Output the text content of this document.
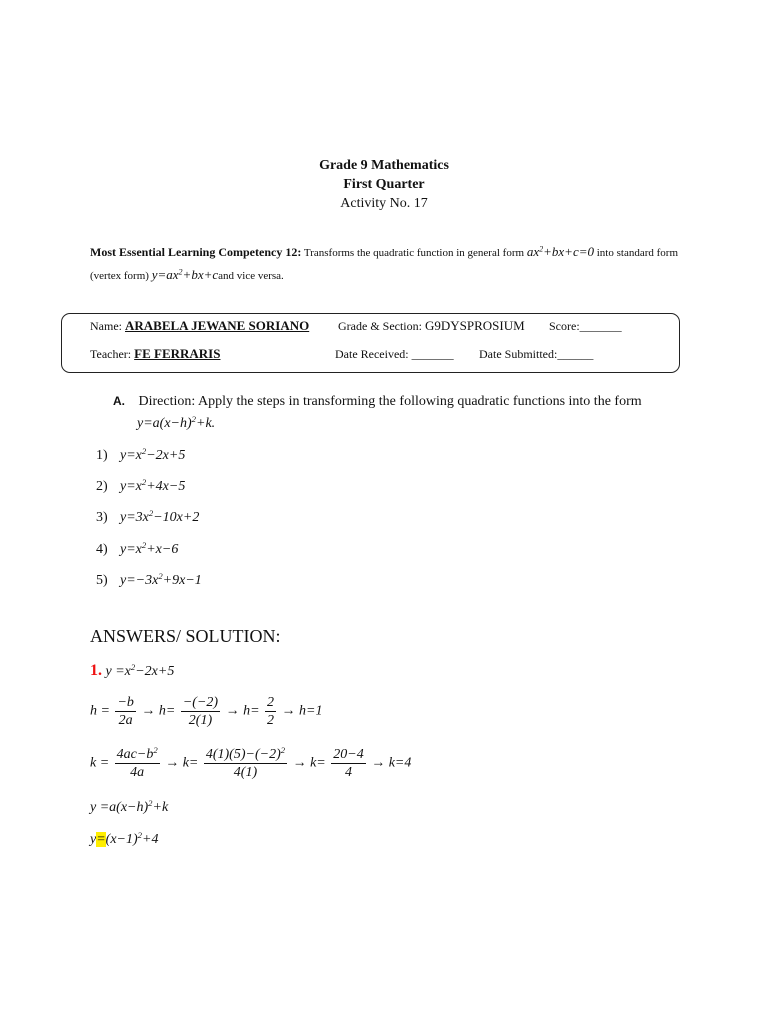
Grade 9 Mathematics
First Quarter
Activity No. 17
Most Essential Learning Competency 12: Transforms the quadratic function in general form $ax^2+bx+c=0$ into standard form (vertex form) $y=ax^2+bx+cand$ vice versa.
Name: ARABELA JEWANE SORIANO Grade & Section: G9DYSPROSIUM Score:_______
Teacher: FE FERRARIS	Date Received: _______ Date Submitted:______
A. Direction: Apply the steps in transforming the following quadratic functions into the form
$y=a(x-h)^2+k$.
1) $y=x^2-2x+5$
2) $y=x^2+4x-5$
3) $y=3x^2-10x+2$
4) $y=x^2+x-6$
5) $y=-3x^2+9x-1$
ANSWERS/ SOLUTION:
1. $y =x^2-2x+5$
$h = \frac{-b}{2a} \to h= \frac{-(-2)}{2(1)} \to h= \frac{2}{2} \to h=1$
$k = \frac{4ac-b^2}{4a} \to k= \frac{4(1)(5)-(-2)^2}{4(1)} \to k= \frac{20-4}{4} \to k=4$
$y =a(x-h)^2+k$
$y=(x-1)^2+4$
